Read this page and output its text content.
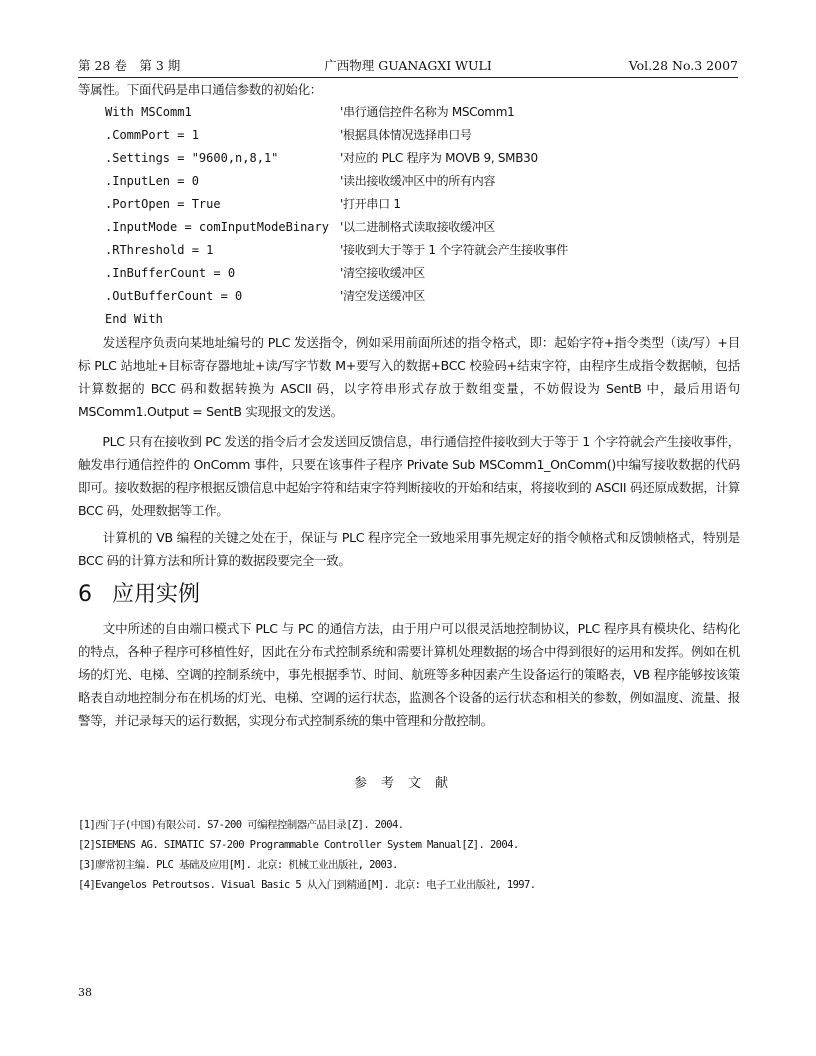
第 28 卷　第 3 期	广西物理 GUANAGXI WULI	Vol.28 No.3 2007
等属性。下面代码是串口通信参数的初始化：
With MSComm1	'串行通信控件名称为 MSComm1
.CommPort = 1	'根据具体情况选择串口号
.Settings = "9600,n,8,1"	'对应的 PLC 程序为 MOVB 9, SMB30
.InputLen = 0	'读出接收缓冲区中的所有内容
.PortOpen = True	'打开串口 1
.InputMode = comInputModeBinary '以二进制格式读取接收缓冲区
.RThreshold = 1	'接收到大于等于 1 个字符就会产生接收事件
.InBufferCount = 0	'清空接收缓冲区
.OutBufferCount = 0	'清空发送缓冲区
End With
　　发送程序负责向某地址编号的 PLC 发送指令，例如采用前面所述的指令格式，即：起始字符+指令类型（读/写）+目标 PLC 站地址+目标寄存器地址+读/写字节数 M+要写入的数据+BCC 校验码+结束字符，由程序生成指令数据帧，包括计算数据的 BCC 码和数据转换为 ASCII 码，以字符串形式存放于数组变量，不妨假设为 SentB 中，最后用语句 MSComm1.Output = SentB 实现报文的发送。
　　PLC 只有在接收到 PC 发送的指令后才会发送回反馈信息，串行通信控件接收到大于等于 1 个字符就会产生接收事件，触发串行通信控件的 OnComm 事件，只要在该事件子程序 Private Sub MSComm1_OnComm()中编写接收数据的代码即可。接收数据的程序根据反馈信息中起始字符和结束字符判断接收的开始和结束，将接收到的 ASCII 码还原成数据，计算 BCC 码，处理数据等工作。
　　计算机的 VB 编程的关键之处在于，保证与 PLC 程序完全一致地采用事先规定好的指令帧格式和反馈帧格式，特别是 BCC 码的计算方法和所计算的数据段要完全一致。
6 应用实例
　　文中所述的自由端口模式下 PLC 与 PC 的通信方法，由于用户可以很灵活地控制协议，PLC 程序具有模块化、结构化的特点，各种子程序可移植性好，因此在分布式控制系统和需要计算机处理数据的场合中得到很好的运用和发挥。例如在机场的灯光、电梯、空调的控制系统中，事先根据季节、时间、航班等多种因素产生设备运行的策略表，VB 程序能够按该策略表自动地控制分布在机场的灯光、电梯、空调的运行状态，监测各个设备的运行状态和相关的参数，例如温度、流量、报警等，并记录每天的运行数据，实现分布式控制系统的集中管理和分散控制。
参考文献
[1]西门子(中国)有限公司. S7-200 可编程控制器产品目录[Z]. 2004.
[2]SIEMENS AG. SIMATIC S7-200 Programmable Controller System Manual[Z]. 2004.
[3]廖常初主编. PLC 基础及应用[M]. 北京: 机械工业出版社, 2003.
[4]Evangelos Petroutsos. Visual Basic 5 从入门到精通[M]. 北京: 电子工业出版社, 1997.
38
